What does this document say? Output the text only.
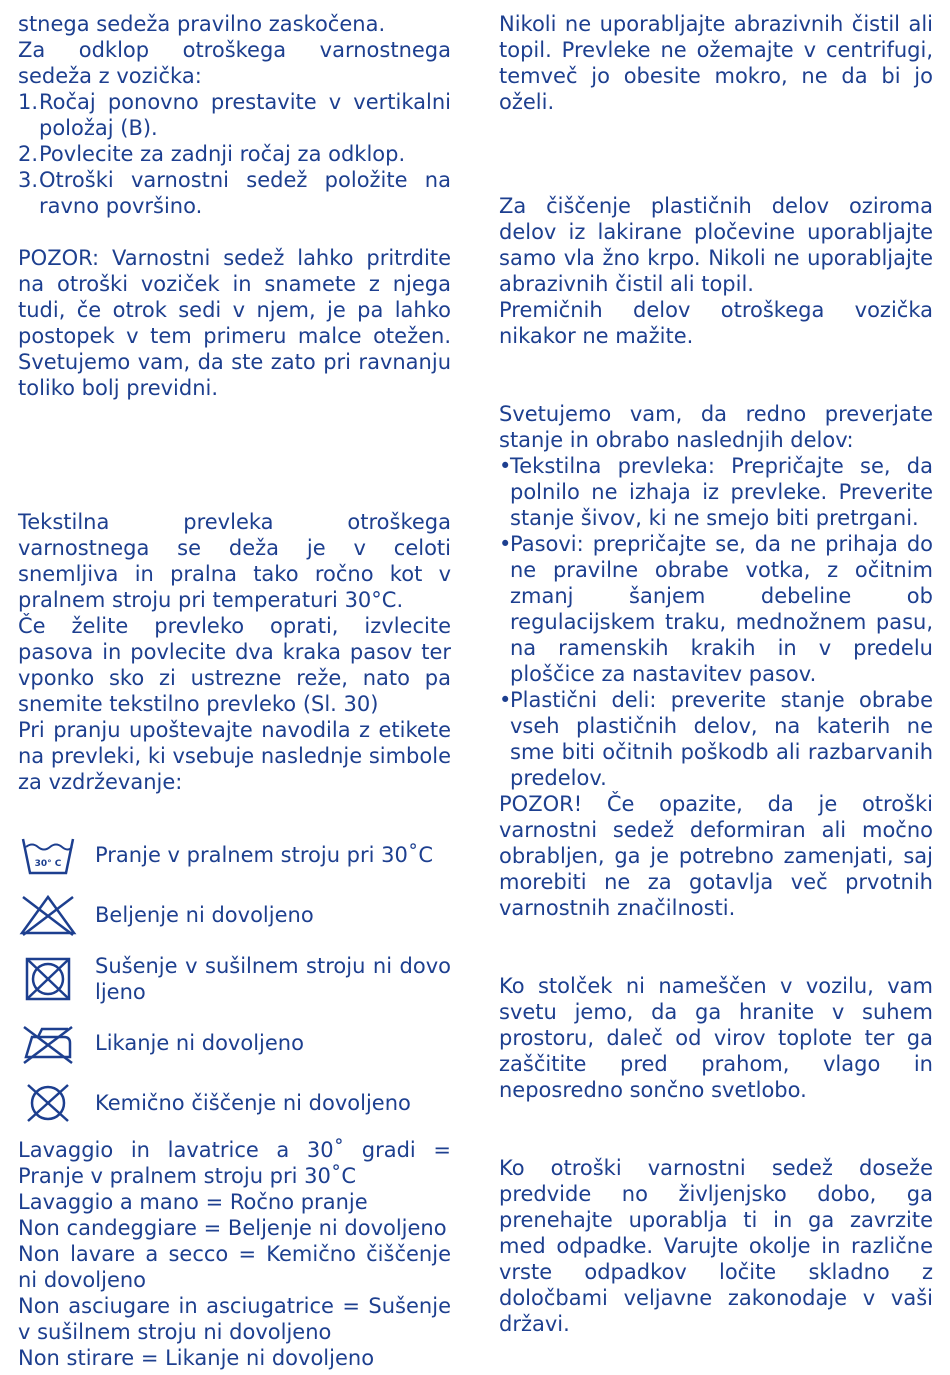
stnega sedeža pravilno zaskočena.

Za odklop otroškega varnostnega sedeža z vozička:

1. Ročaj ponovno prestavite v vertikalni položaj (B).
2. Povlecite za zadnji ročaj za odklop.
3. Otroški varnostni sedež položite na ravno površino.

POZOR: Varnostni sedež lahko pritrdite na otroški voziček in snamete z njega tudi, če otrok sedi v njem, je pa lahko postopek v tem primeru malce otežen. Svetujemo vam, da ste zato pri ravnanju toliko bolj previdni.

Tekstilna prevleka otroškega varnostnega se deža je v celoti snemljiva in pralna tako ročno kot v pralnem stroju pri temperaturi 30°C.

Če želite prevleko oprati, izvlecite pasova in povlecite dva kraka pasov ter vponko sko zi ustrezne reže, nato pa snemite tekstilno prevleko (Sl. 30)

Pri pranju upoštevajte navodila z etikete na prevleki, ki vsebuje naslednje simbole za vzdrževanje:

30° C Pranje v pralnem stroju pri 30˚C
Beljenje ni dovoljeno
Sušenje v sušilnem stroju ni dovo ljeno
Likanje ni dovoljeno
Kemično čiščenje ni dovoljeno

Lavaggio in lavatrice a 30˚ gradi = Pranje v pralnem stroju pri 30˚C

Lavaggio a mano = Ročno pranje

Non candeggiare = Beljenje ni dovoljeno

Non lavare a secco = Kemično čiščenje ni dovoljeno

Non asciugare in asciugatrice = Sušenje v sušilnem stroju ni dovoljeno

Non stirare = Likanje ni dovoljeno

Nikoli ne uporabljajte abrazivnih čistil ali topil. Prevleke ne ožemajte v centrifugi, temveč jo obesite mokro, ne da bi jo oželi.

Za čiščenje plastičnih delov oziroma delov iz lakirane pločevine uporabljajte samo vla žno krpo. Nikoli ne uporabljajte abrazivnih čistil ali topil.

Premičnih delov otroškega vozička nikakor ne mažite.

Svetujemo vam, da redno preverjate stanje in obrabo naslednjih delov:

•
Tekstilna prevleka: Prepričajte se, da polnilo ne izhaja iz prevleke. Preverite stanje šivov, ki ne smejo biti pretrgani.
•
Pasovi: prepričajte se, da ne prihaja do ne pravilne obrabe votka, z očitnim zmanj šanjem debeline ob regulacijskem traku, mednožnem pasu, na ramenskih krakih in v predelu ploščice za nastavitev pasov.
•
Plastični deli: preverite stanje obrabe vseh plastičnih delov, na katerih ne sme biti očitnih poškodb ali razbarvanih predelov.

POZOR! Če opazite, da je otroški varnostni sedež deformiran ali močno obrabljen, ga je potrebno zamenjati, saj morebiti ne za gotavlja več prvotnih varnostnih značilnosti.

Ko stolček ni nameščen v vozilu, vam svetu jemo, da ga hranite v suhem prostoru, daleč od virov toplote ter ga zaščitite pred prahom, vlago in neposredno sončno svetlobo.

Ko otroški varnostni sedež doseže predvide no življenjsko dobo, ga prenehajte uporablja ti in ga zavrzite med odpadke. Varujte okolje in različne vrste odpadkov ločite skladno z določbami veljavne zakonodaje v vaši državi.
